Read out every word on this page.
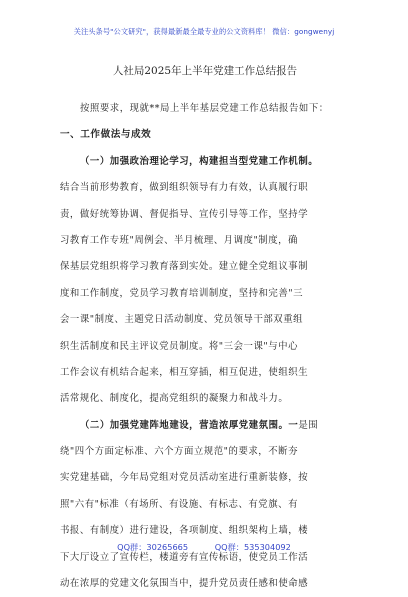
关注头条号"公文研究"，获得最新最全最专业的公文资料库！ 微信：gongwenyj
人社局2025年上半年党建工作总结报告
按照要求，现就**局上半年基层党建工作总结报告如下：
一、工作做法与成效
（一）加强政治理论学习，构建担当型党建工作机制。
结合当前形势教育，做到组织领导有力有效，认真履行职
责，做好统筹协调、督促指导、宣传引导等工作，坚持学
习教育工作专班"周例会、半月梳理、月调度"制度，确
保基层党组织将学习教育落到实处。建立健全党组议事制
度和工作制度，党员学习教育培训制度，坚持和完善"三
会一课"制度、主题党日活动制度、党员领导干部双重组
织生活制度和民主评议党员制度。将"三会一课"与中心
工作会议有机结合起来，相互穿插，相互促进，使组织生
活常规化、制度化，提高党组织的凝聚力和战斗力。
（二）加强党建阵地建设，营造浓厚党建氛围。一是围
绕"四个方面定标准、六个方面立规范"的要求，不断夯
实党建基础，今年局党组对党员活动室进行重新装修，按
照"六有"标准（有场所、有设施、有标志、有党旗、有
书报、有制度）进行建设，各项制度、组织架构上墙，楼
下大厅设立了宣传栏，楼道旁有宣传标语，使党员工作活
动在浓厚的党建文化氛围当中，提升党员责任感和使命感
QQ群：30265665	QQ群：535304092
